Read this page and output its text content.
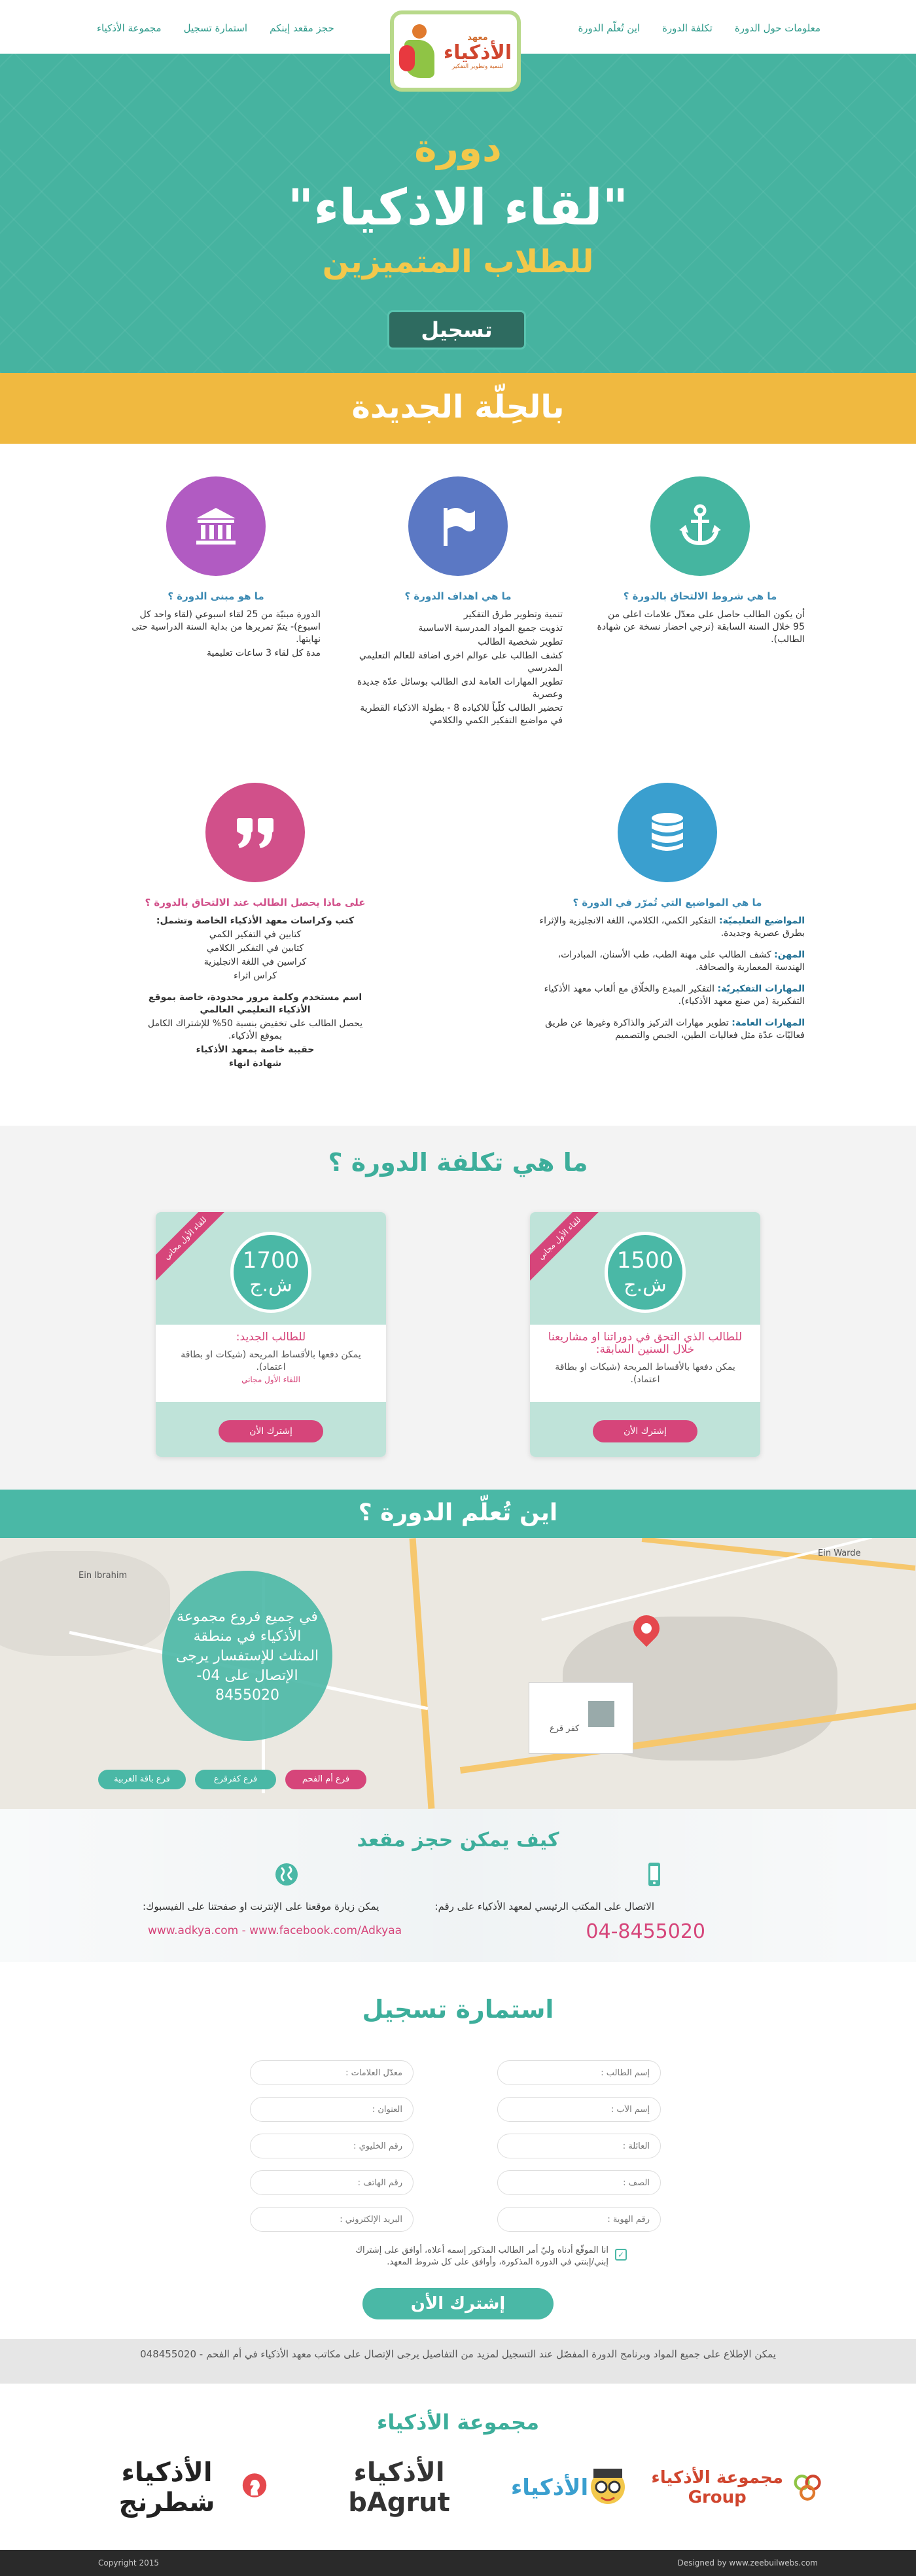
معلومات حول الدورة
تكلفة الدورة
اين تُعلّم الدورة
حجز مقعد إبنكم
استمارة تسجيل
مجموعة الأذكياء
معهد
الأذكياء
لتنمية وتطوير التفكير
دورة
"لقاء الاذكياء"
للطلاب المتميزين
تسجيل
بالحِلّة الجديدة
ما هي شروط الالتحاق بالدورة ؟

أن يكون الطالب حاصل على معدّل علامات اعلى من 95 خلال السنة السابقة (نرجي احضار نسخة عن شهادة الطالب).

ما هي اهداف الدورة ؟

تنمية وتطوير طرق التفكير

تذويت جميع المواد المدرسية الاساسية

تطوير شخصية الطالب

كشف الطالب على عوالم اخرى اضافة للعالم التعليمي المدرسي

تطوير المهارات العامة لدى الطالب بوسائل عدّة جديدة وعصرية

تحضير الطالب كلّياً للاكياده 8 - بطولة الاذكياء القطرية في مواضيع التفكير الكمي والكلامي

ما هو مبنى الدورة ؟

الدورة مبنيّة من 25 لقاء اسبوعي (لقاء واحد كل اسبوع)- يتمّ تمريرها من بداية السنة الدراسية حتى نهايتها.

مدة كل لقاء 3 ساعات تعليمية

ما هي المواضيع التي تُمرّر في الدورة ؟

المواضيع التعليميّة: التفكير الكمي، الكلامي، اللغة الانجليزية والإثراء بطرق عصرية وجديدة.

المهن: كشف الطالب على مهنة الطب، طب الأسنان، المبادرات، الهندسة المعمارية والصحافة.

المهارات التفكيريّة: التفكير المبدع والخلّاق مع ألعاب معهد الأذكياء التفكيرية (من صنع معهد الأذكياء).

المهارات العامة: تطوير مهارات التركيز والذاكرة وغيرها عن طريق فعاليّات عدّة مثل فعاليات الطين، الجبص والتصميم

على ماذا يحصل الطالب عند الالتحاق بالدورة ؟

كتب وكراسات معهد الأذكياء الخاصة وتشمل:

كتابين في التفكير الكمي

كتابين في التفكير الكلامي

كراسين في اللغة الانجليزية

كراس اثراء

اسم مستخدم وكلمة مرور محدودة، خاصة بموقع الأذكياء التعليمي العالمي

يحصل الطالب على تخفيض بنسبة 50% للإشتراك الكامل بموقع الأذكياء.

حقيبة خاصة بمعهد الأذكياء

شهادة انهاء

ما هي تكلفة الدورة ؟
للقاء الأول مجاني	1500
ش.ج
للطالب الذي التحق في دوراتنا او مشاريعنا خلال السنين السابقة:
يمكن دفعها بالأقساط المريحة (شيكات او بطاقة اعتماد).
إشترك الأن
للقاء الأول مجاني	1700
ش.ج
للطالب الجديد:
يمكن دفعها بالأقساط المريحة (شيكات او بطاقة اعتماد).
اللقاء الأول مجاني
إشترك الأن
اين تُعلّم الدورة ؟
كفر قرع
Ein Warde
Ein Ibrahim
في جميع فروع مجموعة الأذكياء في منطقة المثلث للإستفسار يرجى الإتصال على 04-8455020
فرع أم الفحم
فرع كفرقرع
فرع باقة الغربية
كيف يمكن حجز مقعد
الاتصال على المكتب الرئيسي لمعهد الأذكياء على رقم:
04-8455020
يمكن زيارة موقعنا على الإنترنت او صفحتنا على الفيسبوك:
www.adkya.com - www.facebook.com/Adkyaa
استمارة تسجيل
إسم الطالب :
إسم الأب :
العائلة :
الصف :
رقم الهوية :
معدّل العلامات :
العنوان :
رقم الخليوي :
رقم الهاتف :
البريد الإلكتروني :
✓
انا الموقّع أدناه وليّ أمر الطالب المذكور إسمه أعلاه، أوافق على إشتراك إبني/إبنتي في الدورة المذكورة، وأوافق على كل شروط المعهد.
إشترك الأن
يمكن الإطلاع على جميع المواد وبرنامج الدورة المفصّل عند التسجيل لمزيد من التفاصيل يرجى الإتصال على مكاتب معهد الأذكياء في أم الفحم - 048455020
مجموعة الأذكياء
مجموعة الأذكياء Group
الأذكياء
الأذكياء bAgrut
الأذكياء شطرنج
Copyright 2015	Designed by www.zeebuilwebs.com
